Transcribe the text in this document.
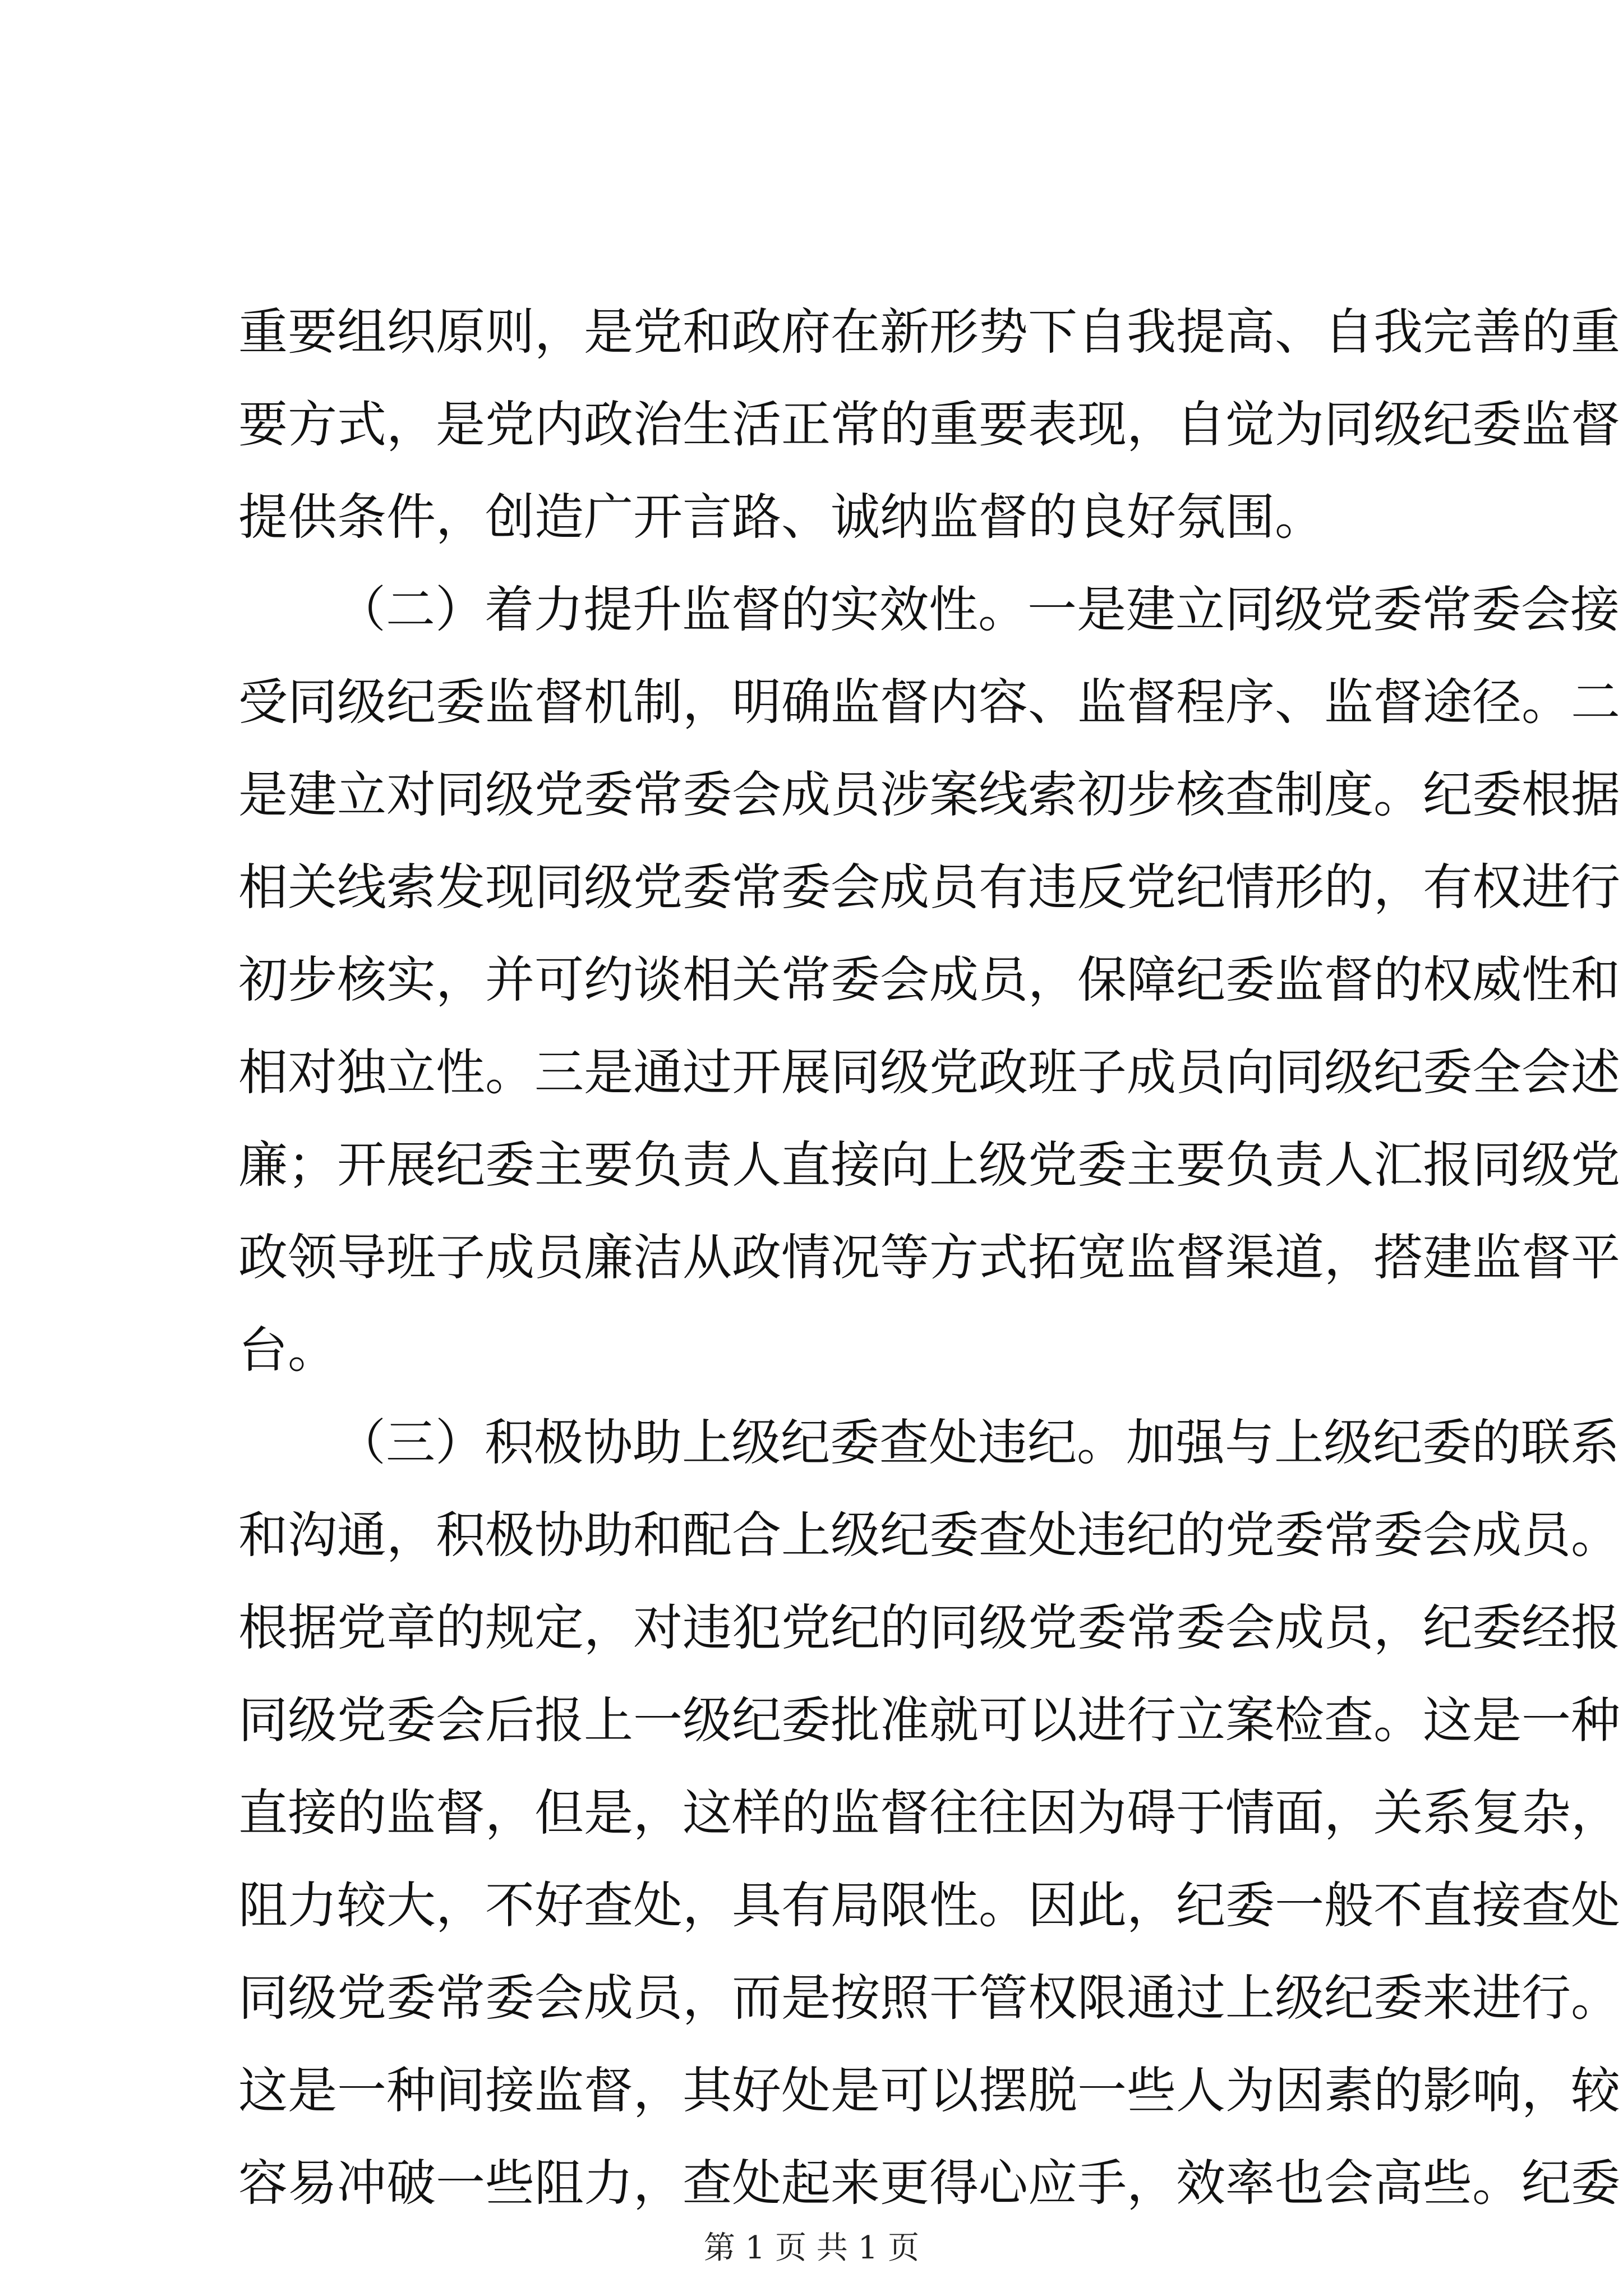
重要组织原则，是党和政府在新形势下自我提高、自我完善的重
要方式，是党内政治生活正常的重要表现，自觉为同级纪委监督
提供条件，创造广开言路、诚纳监督的良好氛围。
（二）着力提升监督的实效性。一是建立同级党委常委会接
受同级纪委监督机制，明确监督内容、监督程序、监督途径。二
是建立对同级党委常委会成员涉案线索初步核查制度。纪委根据
相关线索发现同级党委常委会成员有违反党纪情形的，有权进行
初步核实，并可约谈相关常委会成员，保障纪委监督的权威性和
相对独立性。三是通过开展同级党政班子成员向同级纪委全会述
廉；开展纪委主要负责人直接向上级党委主要负责人汇报同级党
政领导班子成员廉洁从政情况等方式拓宽监督渠道，搭建监督平
台。
（三）积极协助上级纪委查处违纪。加强与上级纪委的联系
和沟通，积极协助和配合上级纪委查处违纪的党委常委会成员。
根据党章的规定，对违犯党纪的同级党委常委会成员，纪委经报
同级党委会后报上一级纪委批准就可以进行立案检查。这是一种
直接的监督，但是，这样的监督往往因为碍于情面，关系复杂，
阻力较大，不好查处，具有局限性。因此，纪委一般不直接查处
同级党委常委会成员，而是按照干管权限通过上级纪委来进行。
这是一种间接监督，其好处是可以摆脱一些人为因素的影响，较
容易冲破一些阻力，查处起来更得心应手，效率也会高些。纪委
第 1 页 共 1 页
